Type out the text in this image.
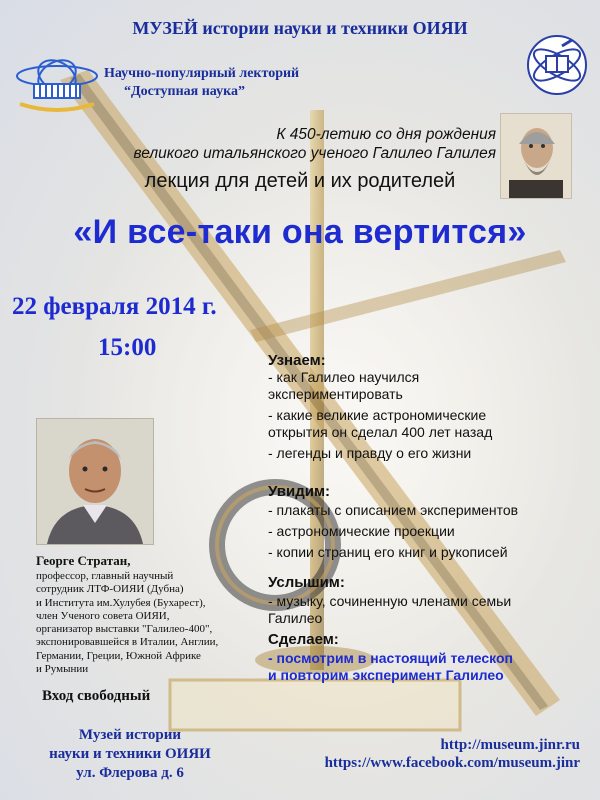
МУЗЕЙ истории науки и техники ОИЯИ
Научно-популярный лекторий
“Доступная наука”
К 450-летию со дня рождения
великого итальянского ученого Галилео Галилея
лекция для детей и их родителей
«И все-таки она вертится»
22 февраля 2014 г.
15:00
Георге Стратан,
профессор, главный научный
сотрудник ЛТФ-ОИЯИ (Дубна)
и Института им.Хулубея (Бухарест),
член Ученого совета ОИЯИ,
организатор выставки "Галилео-400",
экспонировавшейся в Италии, Англии,
Германии, Греции, Южной Африке
и Румынии
Вход свободный
Музей истории
науки и техники ОИЯИ
ул. Флерова д. 6
http://museum.jinr.ru
https://www.facebook.com/museum.jinr
Узнаем:
- как Галилео научился
экспериментировать
- какие великие астрономические
открытия он сделал 400 лет назад
- легенды и правду о его жизни
Увидим:
- плакаты с описанием экспериментов
- астрономические проекции
- копии страниц его книг и рукописей
Услышим:
- музыку, сочиненную членами семьи
Галилео
Сделаем:
- посмотрим в настоящий телескоп
и повторим эксперимент Галилео
